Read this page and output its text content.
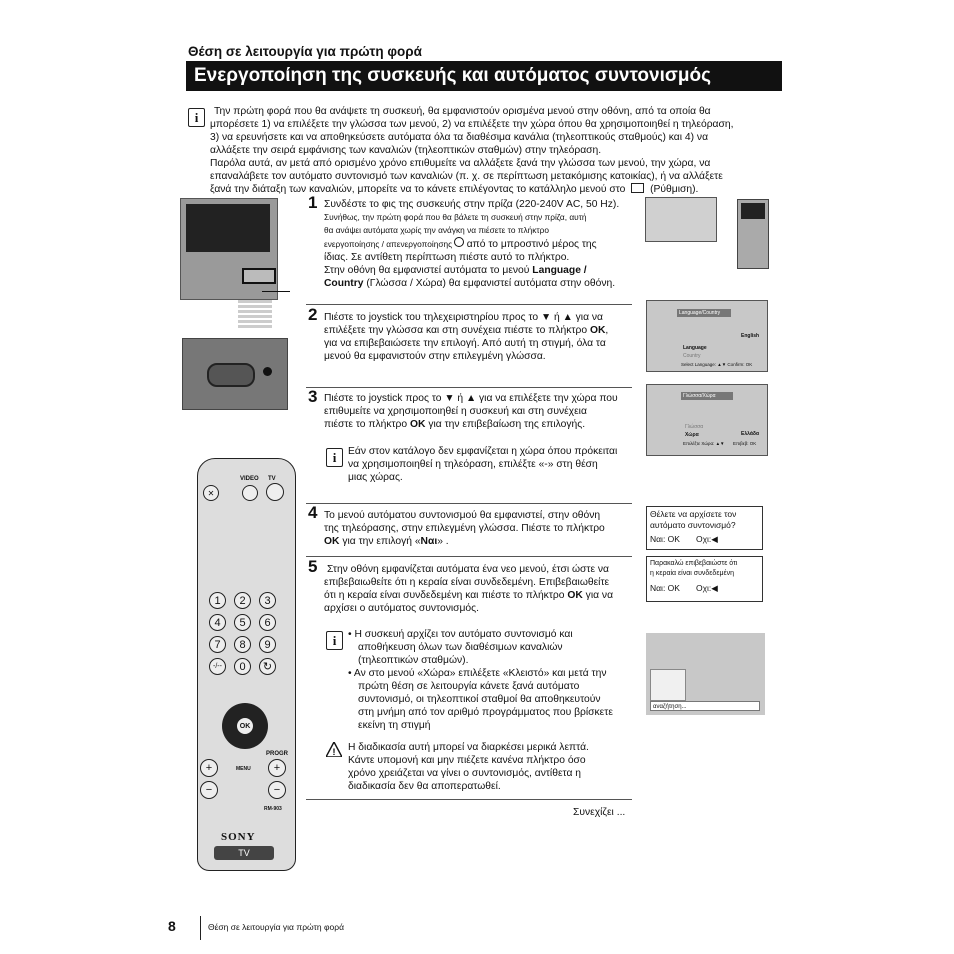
Θέση σε λειτουργία για πρώτη φορά
Ενεργοποίηση της συσκευής και αυτόματος συντονισμός
i	Την πρώτη φορά που θα ανάψετε τη συσκευή, θα εμφανιστούν ορισμένα μενού στην οθόνη, από τα οποία θα
μπορέσετε 1) να επιλέξετε την γλώσσα των μενού, 2) να επιλέξετε την χώρα όπου θα χρησιμοποιηθεί η τηλεόραση,
3) να ερευνήσετε και να αποθηκεύσετε αυτόματα όλα τα διαθέσιμα κανάλια (τηλεοπτικούς σταθμούς) και 4) να
αλλάξετε την σειρά εμφάνισης των καναλιών (τηλεοπτικών σταθμών) στην τηλεόραση.
Παρόλα αυτά, αν μετά από ορισμένο χρόνο επιθυμείτε να αλλάξετε ξανά την γλώσσα των μενού, την χώρα, να
επαναλάβετε τον αυτόματο συντονισμό των καναλιών (π. χ. σε περίπτωση μετακόμισης κατοικίας), ή να αλλάξετε
ξανά την διάταξη των καναλιών, μπορείτε να το κάνετε επιλέγοντας το κατάλληλο μενού στο (Ρύθμιση).
VIDEO TV
✕
1	2	3
4	5	6
7	8	9
-/--	0	↻
OK
PROGR
MENU
+
−
+
−
RM-903
SONY
TV
1 Συνδέστε το φις της συσκευής στην πρίζα (220-240V AC, 50 Hz).
Συνήθως, την πρώτη φορά που θα βάλετε τη συσκευή στην πρίζα, αυτή
θα ανάψει αυτόματα χωρίς την ανάγκη να πιέσετε το πλήκτρο
ενεργοποίησης / απενεργοποίησης από το μπροστινό μέρος της
ίδιας. Σε αντίθετη περίπτωση πιέστε αυτό το πλήκτρο.
Στην οθόνη θα εμφανιστεί αυτόματα το μενού Language /
Country (Γλώσσα / Χώρα) θα εμφανιστεί αυτόματα στην οθόνη.
2 Πιέστε το joystick του τηλεχειριστηρίου προς το ▼ ή ▲ για να
επιλέξετε την γλώσσα και στη συνέχεια πιέστε το πλήκτρο OK,
για να επιβεβαιώσετε την επιλογή. Από αυτή τη στιγμή, όλα τα
μενού θα εμφανιστούν στην επιλεγμένη γλώσσα.
Language/Country
Language
Country
English
Select Language: ▲▼ Confirm: OK
3 Πιέστε το joystick προς το ▼ ή ▲ για να επιλέξετε την χώρα που
επιθυμείτε να χρησιμοποιηθεί η συσκευή και στη συνέχεια
πιέστε το πλήκτρο OK για την επιβεβαίωση της επιλογής.
i	Εάν στον κατάλογο δεν εμφανίζεται η χώρα όπου πρόκειται
να χρησιμοποιηθεί η τηλεόραση, επιλέξτε «-» στη θέση
μιας χώρας.
Γλώσσα/Χώρα
Γλώσσα
Χώρα	Ελλάδα
Επιλέξτε Χώρα: ▲▼ Επιβεβ: OK
4 Το μενού αυτόματου συντονισμού θα εμφανιστεί, στην οθόνη
της τηλεόρασης, στην επιλεγμένη γλώσσα. Πιέστε το πλήκτρο
OK για την επιλογή «Ναι» .
Θέλετε να αρχίσετε τον
αυτόματο συντονισμό?
Ναι: OK Οχι:◀
5 Στην οθόνη εμφανίζεται αυτόματα ένα νεο μενού, έτσι ώστε να
επιβεβαιωθείτε ότι η κεραία είναι συνδεδεμένη. Επιβεβαιωθείτε
ότι η κεραία είναι συνδεδεμένη και πιέστε το πλήκτρο OK για να
αρχίσει ο αυτόματος συντονισμός.
Παρακαλώ επιβεβαιώστε ότι
η κεραία είναι συνδεδεμένη
Ναι: OK Οχι:◀
i	• Η συσκευή αρχίζει τον αυτόματο συντονισμό και
αποθήκευση όλων των διαθέσιμων καναλιών
(τηλεοπτικών σταθμών).
• Αν στο μενού «Χώρα» επιλέξετε «Κλειστό» και μετά την
πρώτη θέση σε λειτουργία κάνετε ξανά αυτόματο
συντονισμό, οι τηλεοπτικοί σταθμοί θα αποθηκευτούν
στη μνήμη από τον αριθμό προγράμματος που βρίσκετε
εκείνη τη στιγμή
αναζήτηση...
! Η διαδικασία αυτή μπορεί να διαρκέσει μερικά λεπτά.
Κάντε υπομονή και μην πιέζετε κανένα πλήκτρο όσο
χρόνο χρειάζεται να γίνει ο συντονισμός, αντίθετα η
διαδικασία δεν θα αποπερατωθεί.
Συνεχίζει ...
8	Θέση σε λειτουργία για πρώτη φορά
